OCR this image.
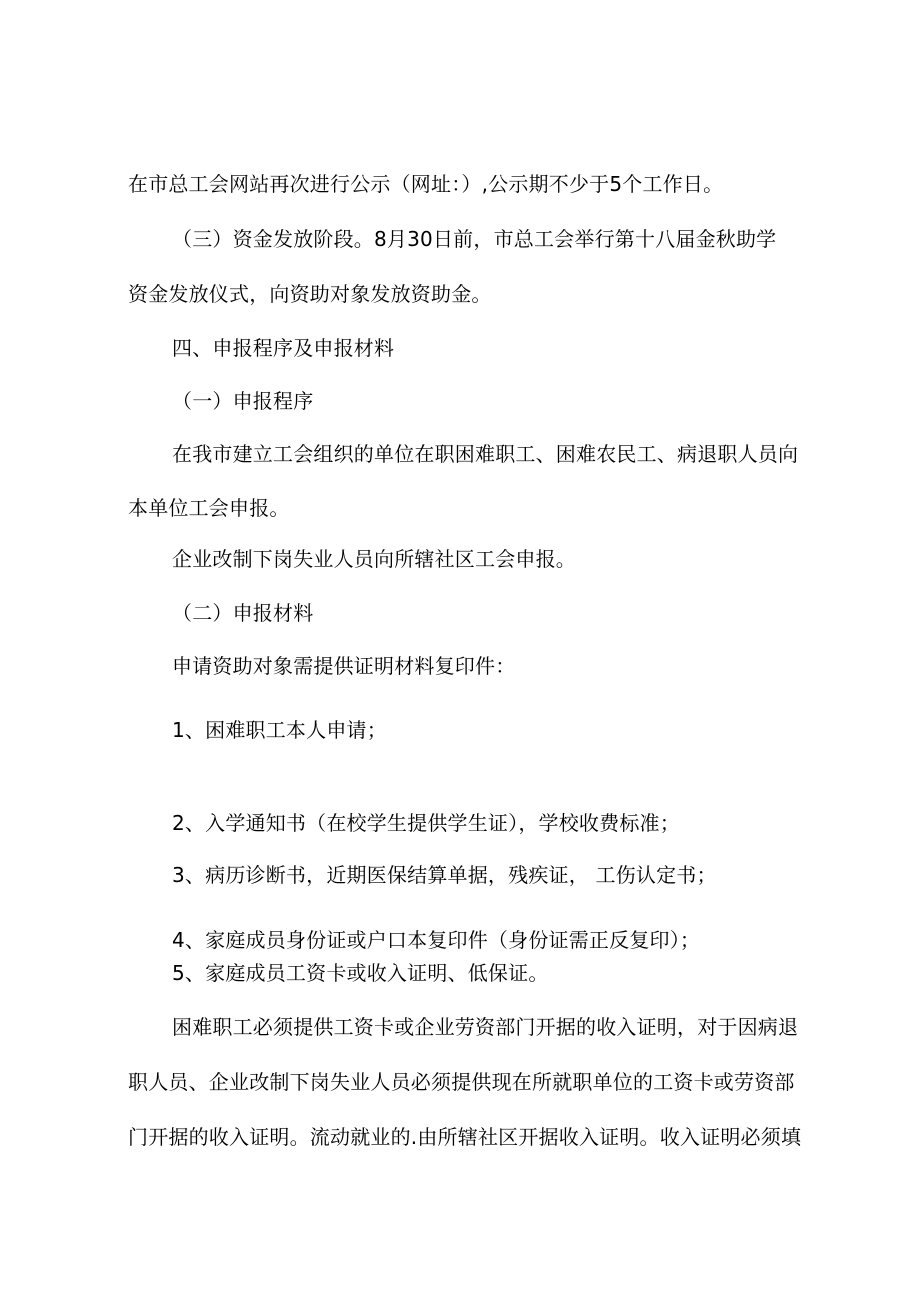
在市总工会网站再次进行公示（网址：）,公示期不少于5个工作日。
（三）资金发放阶段。8月30日前，市总工会举行第十八届金秋助学
资金发放仪式，向资助对象发放资助金。
四、申报程序及申报材料
（一）申报程序
在我市建立工会组织的单位在职困难职工、困难农民工、病退职人员向
本单位工会申报。
企业改制下岗失业人员向所辖社区工会申报。
（二）申报材料
申请资助对象需提供证明材料复印件：
1、困难职工本人申请；
2、入学通知书（在校学生提供学生证），学校收费标准；
3、病历诊断书，近期医保结算单据，残疾证， 工伤认定书；
4、家庭成员身份证或户口本复印件（身份证需正反复印）；
5、家庭成员工资卡或收入证明、低保证。
困难职工必须提供工资卡或企业劳资部门开据的收入证明，对于因病退
职人员、企业改制下岗失业人员必须提供现在所就职单位的工资卡或劳资部
门开据的收入证明。流动就业的.由所辖社区开据收入证明。收入证明必须填
